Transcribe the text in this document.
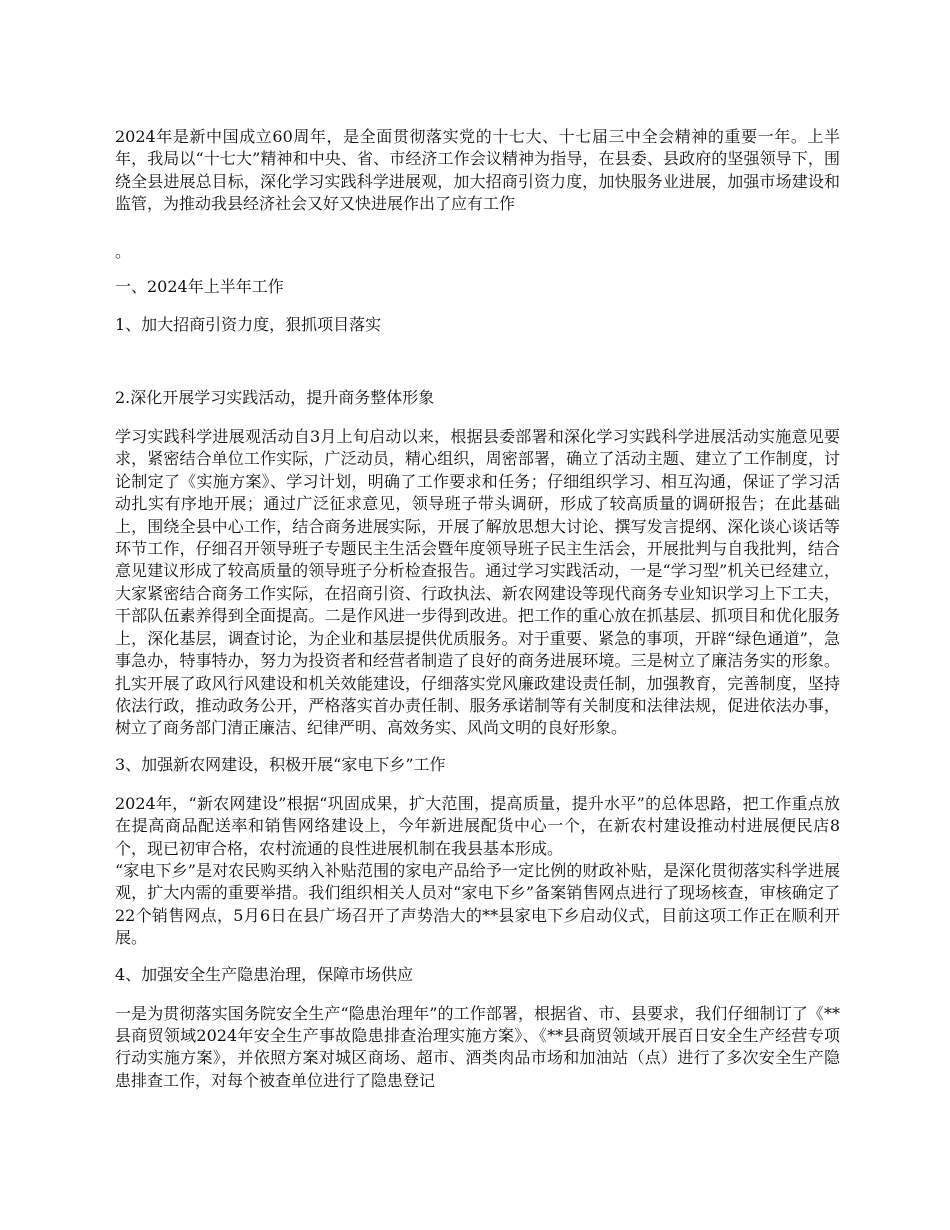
2024年是新中国成立60周年，是全面贯彻落实党的十七大、十七届三中全会精神的重要一年。上半年，我局以“十七大”精神和中央、省、市经济工作会议精神为指导，在县委、县政府的坚强领导下，围绕全县进展总目标，深化学习实践科学进展观，加大招商引资力度，加快服务业进展，加强市场建设和监管，为推动我县经济社会又好又快进展作出了应有工作

。

一、2024年上半年工作

1、加大招商引资力度，狠抓项目落实

2.深化开展学习实践活动，提升商务整体形象

学习实践科学进展观活动自3月上旬启动以来，根据县委部署和深化学习实践科学进展活动实施意见要求，紧密结合单位工作实际，广泛动员，精心组织，周密部署，确立了活动主题、建立了工作制度，讨论制定了《实施方案》、学习计划，明确了工作要求和任务；仔细组织学习、相互沟通，保证了学习活动扎实有序地开展；通过广泛征求意见，领导班子带头调研，形成了较高质量的调研报告；在此基础上，围绕全县中心工作，结合商务进展实际，开展了解放思想大讨论、撰写发言提纲、深化谈心谈话等环节工作，仔细召开领导班子专题民主生活会暨年度领导班子民主生活会，开展批判与自我批判，结合意见建议形成了较高质量的领导班子分析检查报告。通过学习实践活动，一是“学习型”机关已经建立，大家紧密结合商务工作实际，在招商引资、行政执法、新农网建设等现代商务专业知识学习上下工夫，干部队伍素养得到全面提高。二是作风进一步得到改进。把工作的重心放在抓基层、抓项目和优化服务上，深化基层，调查讨论，为企业和基层提供优质服务。对于重要、紧急的事项，开辟“绿色通道”，急事急办，特事特办，努力为投资者和经营者制造了良好的商务进展环境。三是树立了廉洁务实的形象。扎实开展了政风行风建设和机关效能建设，仔细落实党风廉政建设责任制，加强教育，完善制度，坚持依法行政，推动政务公开，严格落实首办责任制、服务承诺制等有关制度和法律法规，促进依法办事，树立了商务部门清正廉洁、纪律严明、高效务实、风尚文明的良好形象。

3、加强新农网建设，积极开展“家电下乡”工作

2024年，“新农网建设”根据“巩固成果，扩大范围，提高质量，提升水平”的总体思路，把工作重点放在提高商品配送率和销售网络建设上，今年新进展配货中心一个，在新农村建设推动村进展便民店8个，现已初审合格，农村流通的良性进展机制在我县基本形成。

“家电下乡”是对农民购买纳入补贴范围的家电产品给予一定比例的财政补贴，是深化贯彻落实科学进展观，扩大内需的重要举措。我们组织相关人员对“家电下乡”备案销售网点进行了现场核查，审核确定了22个销售网点，5月6日在县广场召开了声势浩大的**县家电下乡启动仪式，目前这项工作正在顺利开展。

4、加强安全生产隐患治理，保障市场供应

一是为贯彻落实国务院安全生产“隐患治理年”的工作部署，根据省、市、县要求，我们仔细制订了《**县商贸领域2024年安全生产事故隐患排查治理实施方案》、《**县商贸领域开展百日安全生产经营专项行动实施方案》，并依照方案对城区商场、超市、酒类肉品市场和加油站（点）进行了多次安全生产隐患排查工作，对每个被查单位进行了隐患登记
